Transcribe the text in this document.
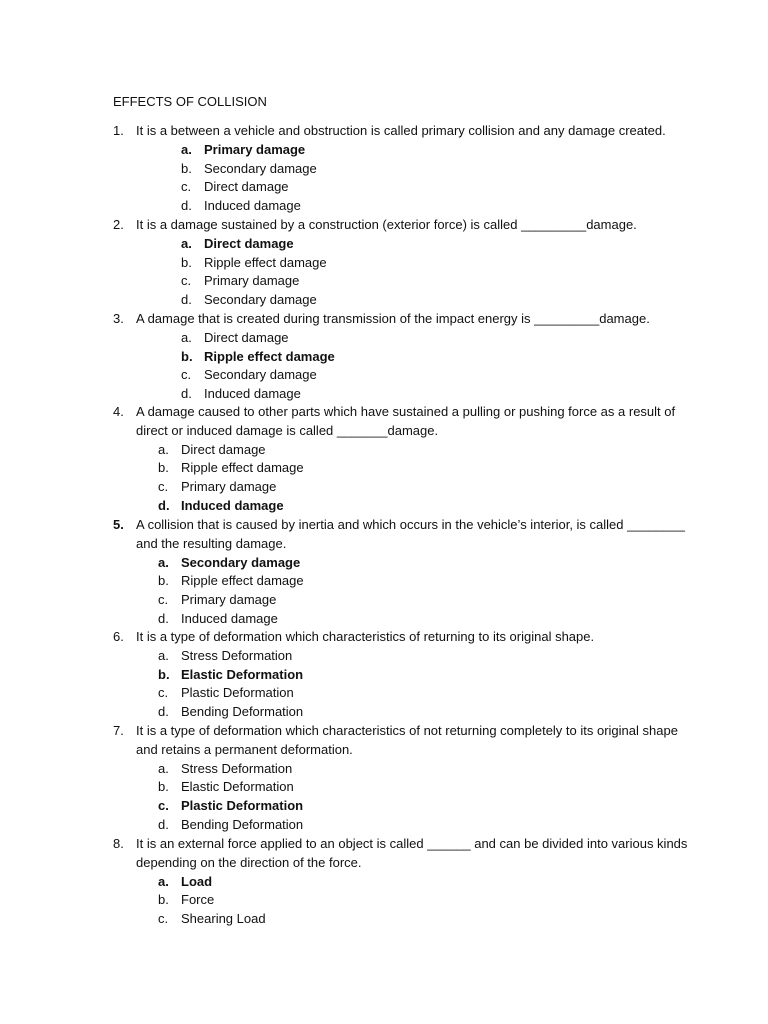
EFFECTS OF COLLISION
1. It is a between a vehicle and obstruction is called primary collision and any damage created.
a. Primary damage
b. Secondary damage
c. Direct damage
d. Induced damage
2. It is a damage sustained by a construction (exterior force) is called _________damage.
a. Direct damage
b. Ripple effect damage
c. Primary damage
d. Secondary damage
3. A damage that is created during transmission of the impact energy is _________damage.
a. Direct damage
b. Ripple effect damage
c. Secondary damage
d. Induced damage
4. A damage caused to other parts which have sustained a pulling or pushing force as a result of
direct or induced damage is called _______damage.
a. Direct damage
b. Ripple effect damage
c. Primary damage
d. Induced damage
5. A collision that is caused by inertia and which occurs in the vehicle’s interior, is called ________
and the resulting damage.
a. Secondary damage
b. Ripple effect damage
c. Primary damage
d. Induced damage
6. It is a type of deformation which characteristics of returning to its original shape.
a. Stress Deformation
b. Elastic Deformation
c. Plastic Deformation
d. Bending Deformation
7. It is a type of deformation which characteristics of not returning completely to its original shape
and retains a permanent deformation.
a. Stress Deformation
b. Elastic Deformation
c. Plastic Deformation
d. Bending Deformation
8. It is an external force applied to an object is called ______ and can be divided into various kinds
depending on the direction of the force.
a. Load
b. Force
c. Shearing Load
